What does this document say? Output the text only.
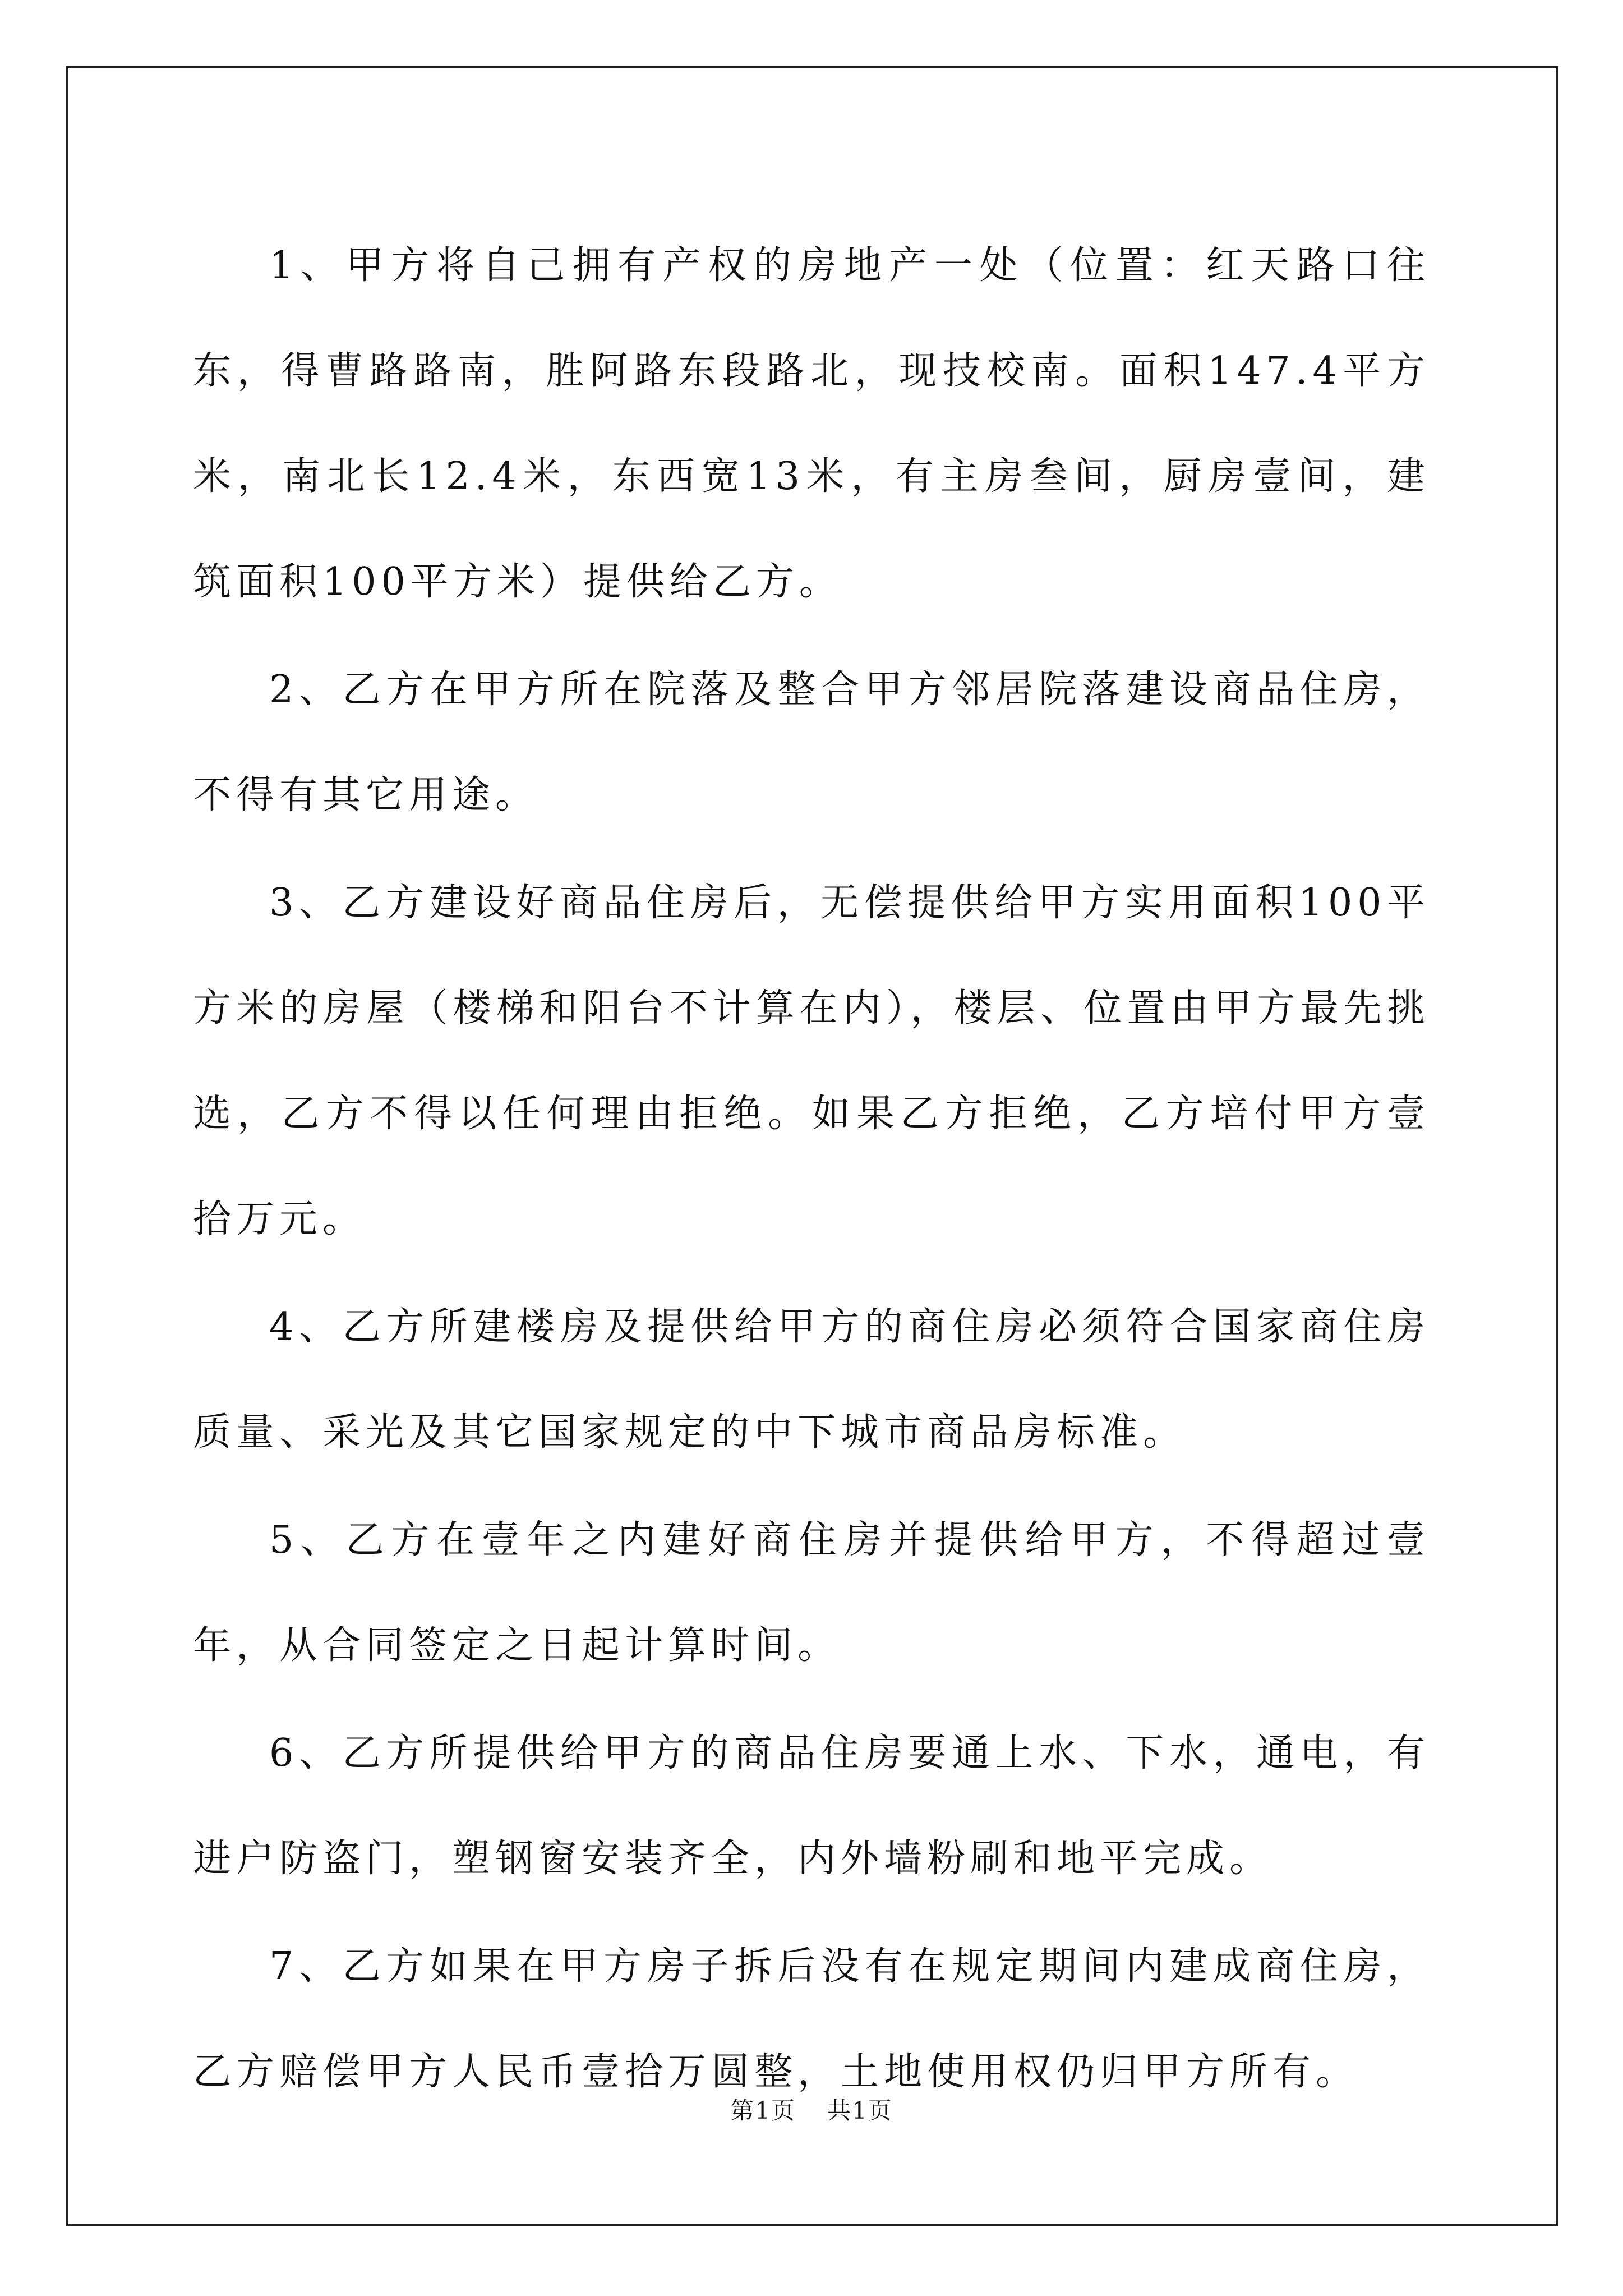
1、甲方将自己拥有产权的房地产一处（位置：红天路口往东，得曹路路南，胜阿路东段路北，现技校南。面积147.4平方米，南北长12.4米，东西宽13米，有主房叁间，厨房壹间，建筑面积100平方米）提供给乙方。

2、乙方在甲方所在院落及整合甲方邻居院落建设商品住房，不得有其它用途。

3、乙方建设好商品住房后，无偿提供给甲方实用面积100平方米的房屋（楼梯和阳台不计算在内），楼层、位置由甲方最先挑选，乙方不得以任何理由拒绝。如果乙方拒绝，乙方培付甲方壹拾万元。

4、乙方所建楼房及提供给甲方的商住房必须符合国家商住房质量、采光及其它国家规定的中下城市商品房标准。

5、乙方在壹年之内建好商住房并提供给甲方，不得超过壹年，从合同签定之日起计算时间。

6、乙方所提供给甲方的商品住房要通上水、下水，通电，有进户防盗门，塑钢窗安装齐全，内外墙粉刷和地平完成。

7、乙方如果在甲方房子拆后没有在规定期间内建成商住房，乙方赔偿甲方人民币壹拾万圆整，土地使用权仍归甲方所有。

第1页 共1页
